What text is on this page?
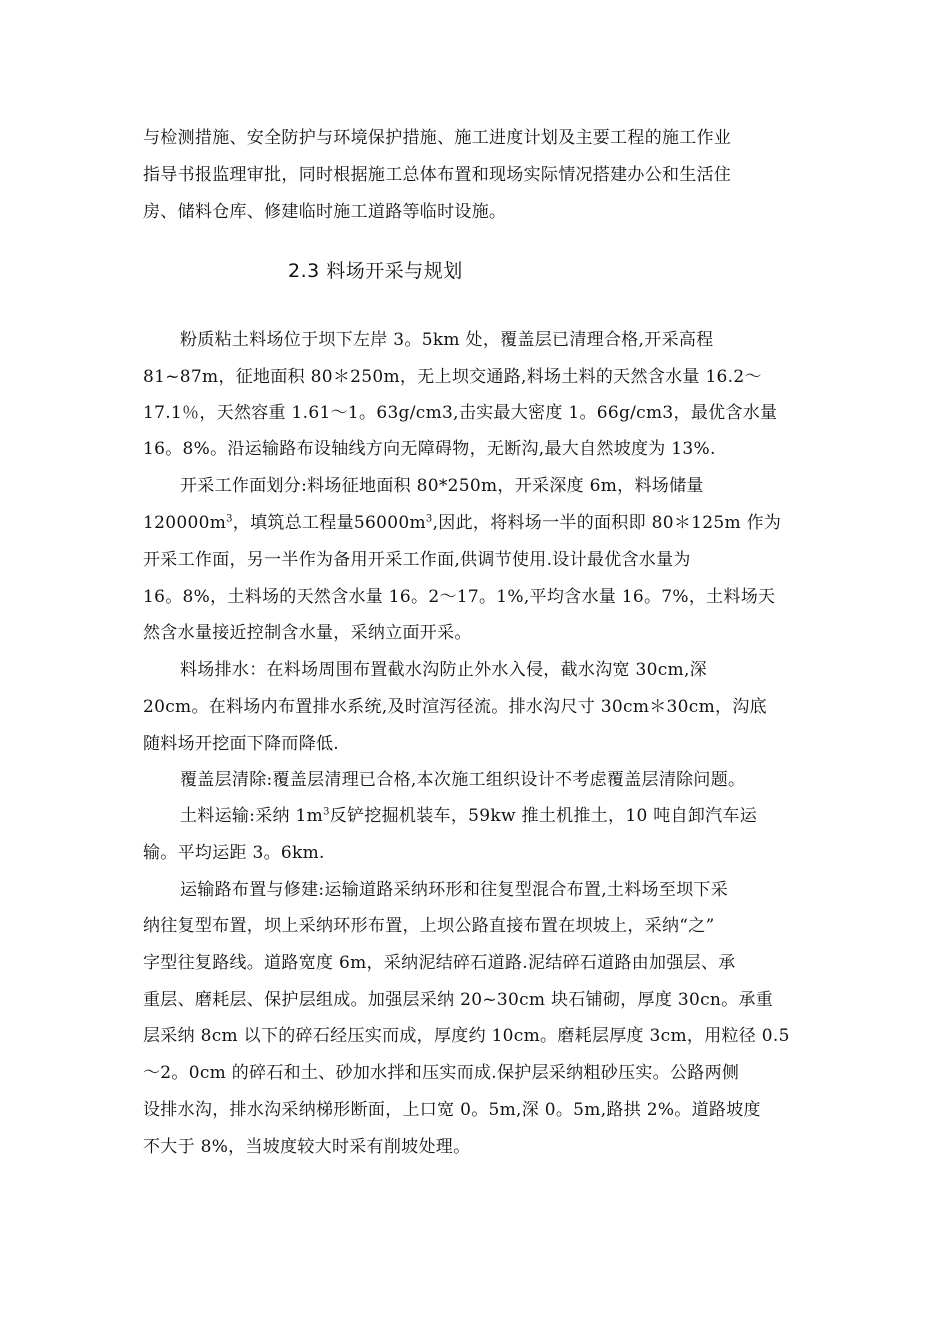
与检测措施、安全防护与环境保护措施、施工进度计划及主要工程的施工作业
指导书报监理审批，同时根据施工总体布置和现场实际情况搭建办公和生活住
房、储料仓库、修建临时施工道路等临时设施。
2.3 料场开采与规划
粉质粘土料场位于坝下左岸 3。5km 处，覆盖层已清理合格,开采高程
81~87m，征地面积 80＊250m，无上坝交通路,料场土料的天然含水量 16.2～
17.1％，天然容重 1.61～1。63g/cm3,击实最大密度 1。66g/cm3，最优含水量
16。8%。沿运输路布设轴线方向无障碍物，无断沟,最大自然坡度为 13%.
开采工作面划分:料场征地面积 80*250m，开采深度 6m，料场储量
$120000m^3$，填筑总工程量$56000m^3$,因此，将料场一半的面积即 80＊125m 作为
开采工作面，另一半作为备用开采工作面,供调节使用.设计最优含水量为
16。8%，土料场的天然含水量 16。2～17。1%,平均含水量 16。7%，土料场天
然含水量接近控制含水量，采纳立面开采。
料场排水：在料场周围布置截水沟防止外水入侵，截水沟宽 30cm,深
20cm。在料场内布置排水系统,及时渲泻径流。排水沟尺寸 30cm＊30cm，沟底
随料场开挖面下降而降低.
覆盖层清除:覆盖层清理已合格,本次施工组织设计不考虑覆盖层清除问题。
土料运输:采纳 $1m^3$反铲挖掘机装车，59kw 推土机推土，10 吨自卸汽车运
输。平均运距 3。6km.
运输路布置与修建:运输道路采纳环形和往复型混合布置,土料场至坝下采
纳往复型布置，坝上采纳环形布置，上坝公路直接布置在坝坡上，采纳“之”
字型往复路线。道路宽度 6m，采纳泥结碎石道路.泥结碎石道路由加强层、承
重层、磨耗层、保护层组成。加强层采纳 20~30cm 块石铺砌，厚度 30cn。承重
层采纳 8cm 以下的碎石经压实而成，厚度约 10cm。磨耗层厚度 3cm，用粒径 0.5
～2。0cm 的碎石和土、砂加水拌和压实而成.保护层采纳粗砂压实。公路两侧
设排水沟，排水沟采纳梯形断面，上口宽 0。5m,深 0。5m,路拱 2%。道路坡度
不大于 8%，当坡度较大时采有削坡处理。
